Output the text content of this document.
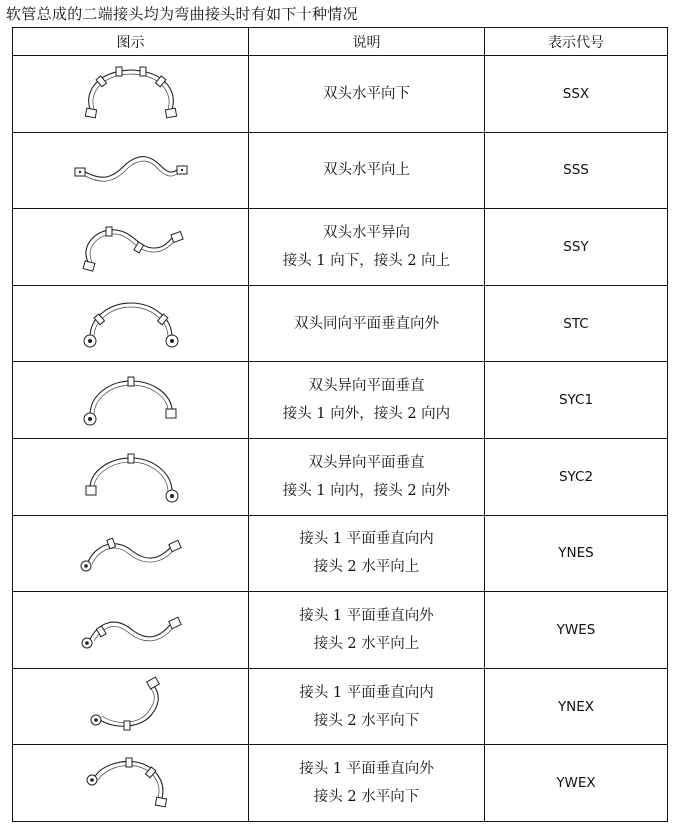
软管总成的二端接头均为弯曲接头时有如下十种情况
图示	说明	表示代号

双头水平向下	SSX

双头水平向上	SSS

双头水平异向
接头 1 向下，接头 2 向上	SSY

双头同向平面垂直向外	STC

双头异向平面垂直
接头 1 向外，接头 2 向内	SYC1

双头异向平面垂直
接头 1 向内，接头 2 向外	SYC2

接头 1 平面垂直向内
接头 2 水平向上	YNES

接头 1 平面垂直向外
接头 2 水平向上	YWES

接头 1 平面垂直向内
接头 2 水平向下	YNEX

接头 1 平面垂直向外
接头 2 水平向下	YWEX
